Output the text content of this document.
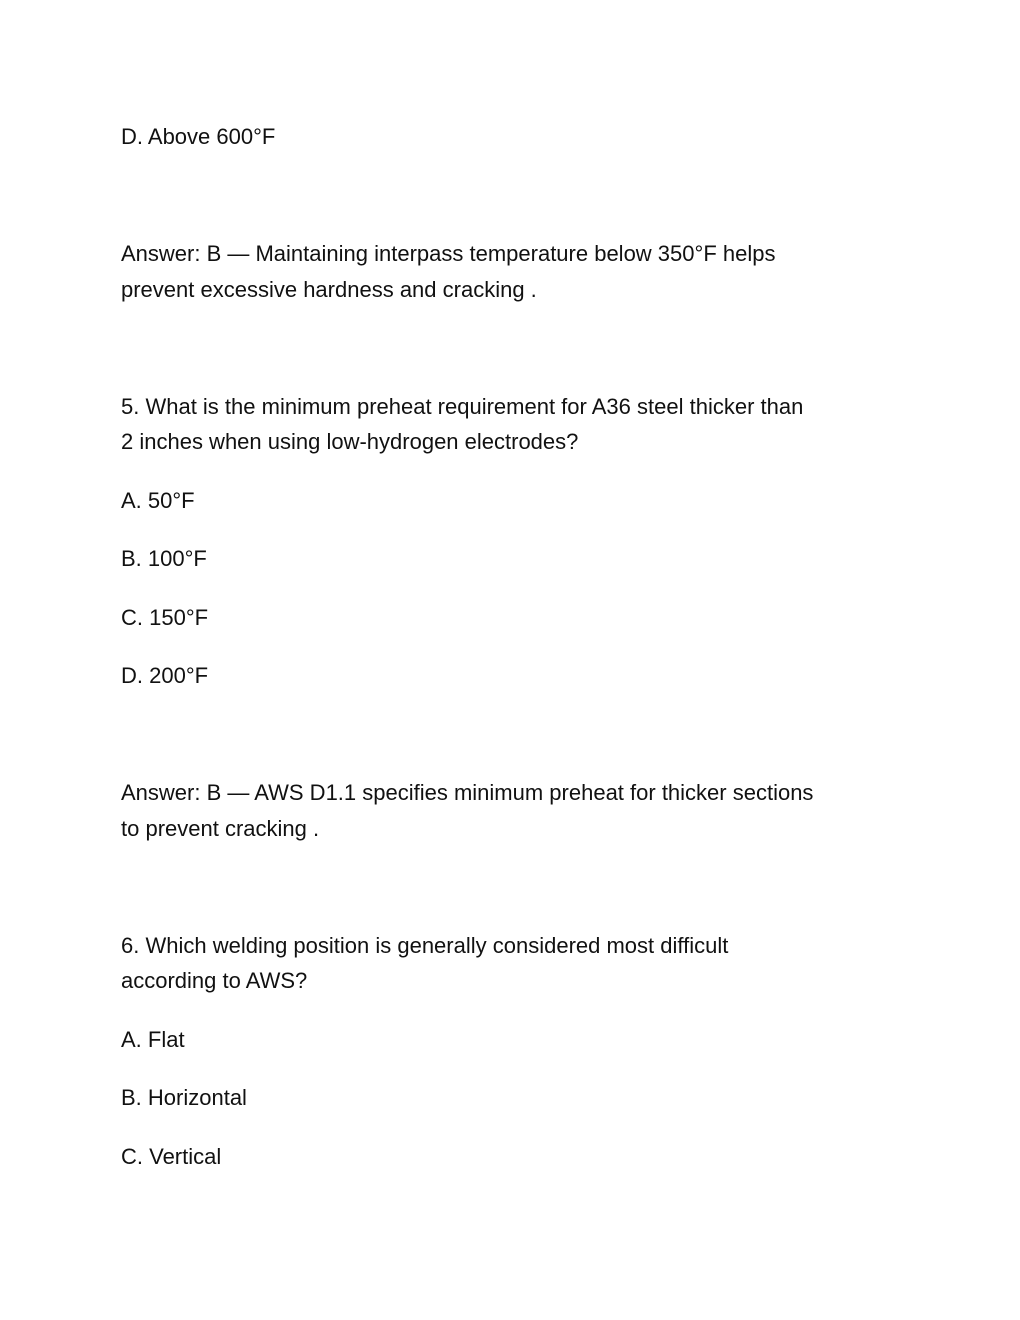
D. Above 600°F
Answer: B — Maintaining interpass temperature below 350°F helps
prevent excessive hardness and cracking .
5. What is the minimum preheat requirement for A36 steel thicker than
2 inches when using low-hydrogen electrodes?
A. 50°F
B. 100°F
C. 150°F
D. 200°F
Answer: B — AWS D1.1 specifies minimum preheat for thicker sections
to prevent cracking .
6. Which welding position is generally considered most difficult
according to AWS?
A. Flat
B. Horizontal
C. Vertical
